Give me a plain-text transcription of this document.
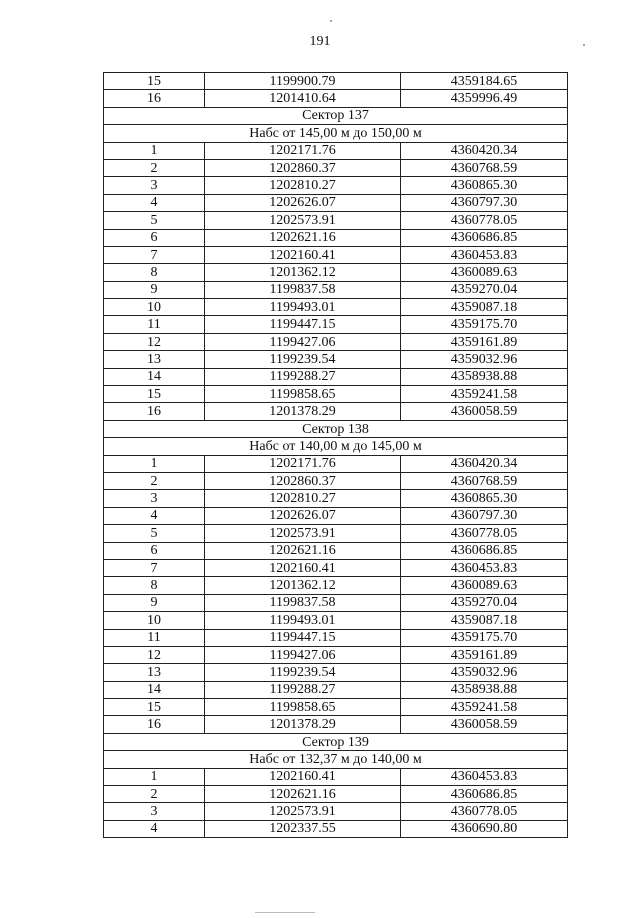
191
15	1199900.79	4359184.65
16	1201410.64	4359996.49
Сектор 137		
Набс от 145,00 м до 150,00 м		
1	1202171.76	4360420.34
2	1202860.37	4360768.59
3	1202810.27	4360865.30
4	1202626.07	4360797.30
5	1202573.91	4360778.05
6	1202621.16	4360686.85
7	1202160.41	4360453.83
8	1201362.12	4360089.63
9	1199837.58	4359270.04
10	1199493.01	4359087.18
11	1199447.15	4359175.70
12	1199427.06	4359161.89
13	1199239.54	4359032.96
14	1199288.27	4358938.88
15	1199858.65	4359241.58
16	1201378.29	4360058.59
Сектор 138		
Набс от 140,00 м до 145,00 м		
1	1202171.76	4360420.34
2	1202860.37	4360768.59
3	1202810.27	4360865.30
4	1202626.07	4360797.30
5	1202573.91	4360778.05
6	1202621.16	4360686.85
7	1202160.41	4360453.83
8	1201362.12	4360089.63
9	1199837.58	4359270.04
10	1199493.01	4359087.18
11	1199447.15	4359175.70
12	1199427.06	4359161.89
13	1199239.54	4359032.96
14	1199288.27	4358938.88
15	1199858.65	4359241.58
16	1201378.29	4360058.59
Сектор 139		
Набс от 132,37 м до 140,00 м		
1	1202160.41	4360453.83
2	1202621.16	4360686.85
3	1202573.91	4360778.05
4	1202337.55	4360690.80
